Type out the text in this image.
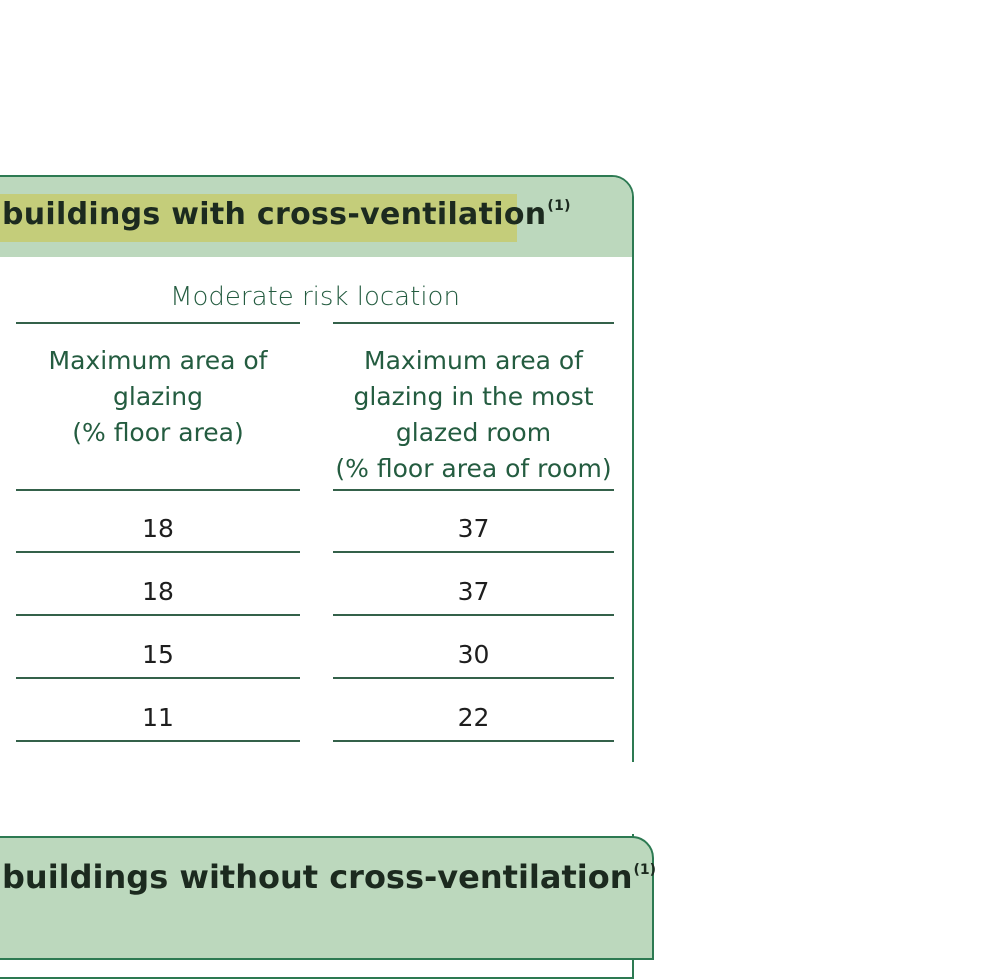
buildings with cross-ventilation$^{(1)}$
Moderate risk location
Maximum area of
glazing
(% floor area)
Maximum area of
glazing in the most
glazed room
(% floor area of room)
18	37
18	37
15	30
11	22
buildings without cross-ventilation$^{(1)}$
